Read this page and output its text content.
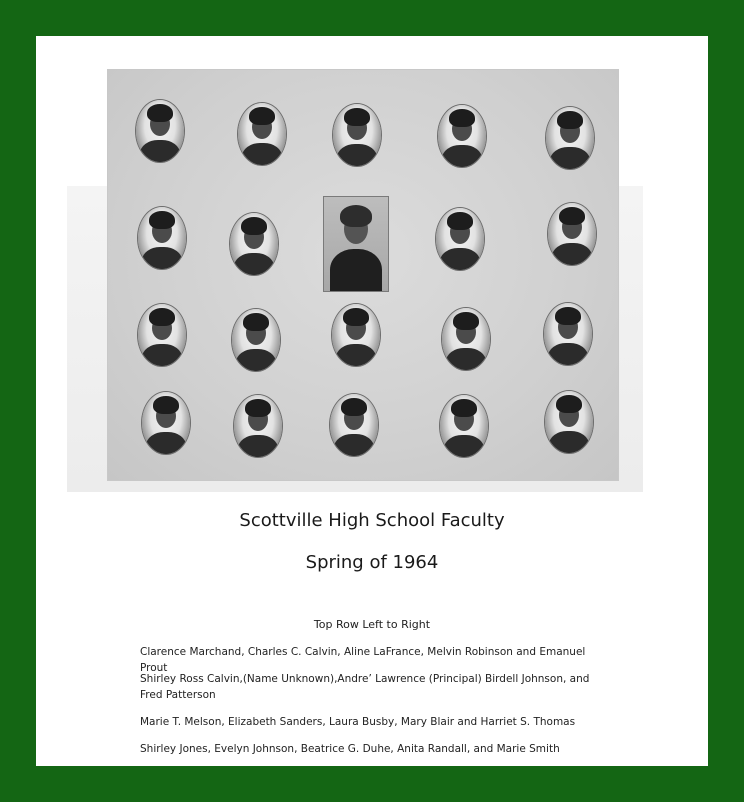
Scottville High School Faculty
Spring of 1964
Top Row Left to Right
Clarence Marchand, Charles C. Calvin, Aline LaFrance, Melvin Robinson and Emanuel Prout
Shirley Ross Calvin,(Name Unknown),Andre’ Lawrence (Principal) Birdell Johnson, and Fred Patterson
Marie T. Melson, Elizabeth Sanders, Laura Busby, Mary Blair and Harriet S. Thomas
Shirley Jones, Evelyn Johnson, Beatrice G. Duhe, Anita Randall, and Marie Smith
